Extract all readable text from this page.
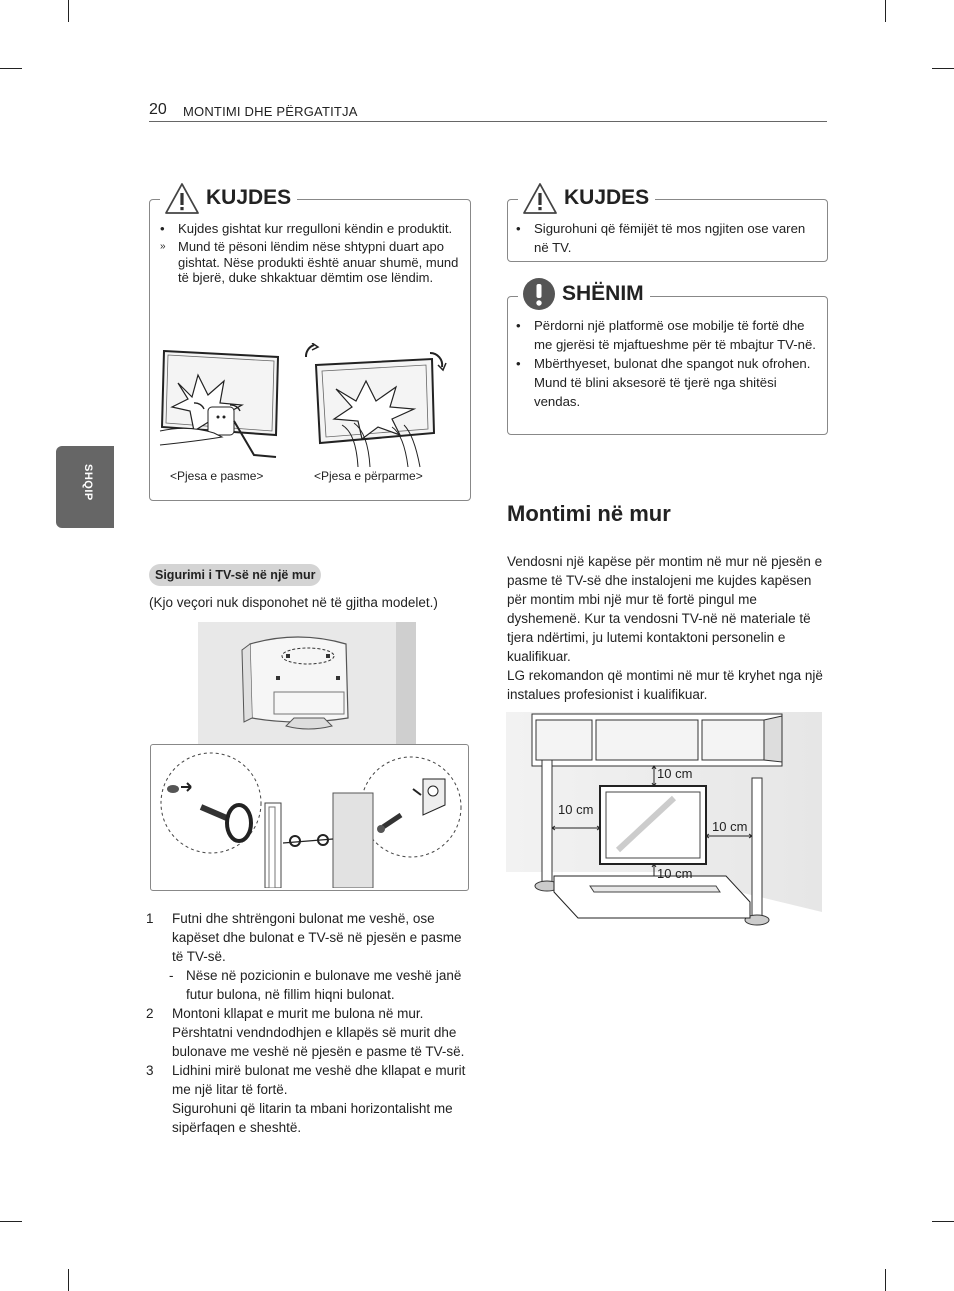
20 MONTIMI DHE PËRGATITJA
SHQIP
KUJDES
• Kujdes gishtat kur rregulloni këndin e produktit.
» Mund të pësoni lëndim nëse shtypni duart apo gishtat. Nëse produkti është anuar shumë, mund të bjerë, duke shkaktuar dëmtim ose lëndim.
<Pjesa e pasme>	<Pjesa e përparme>
KUJDES
• Sigurohuni që fëmijët të mos ngjiten ose varen në TV.
SHËNIM
• Përdorni një platformë ose mobilje të fortë dhe me gjerësi të mjaftueshme për të mbajtur TV-në.
• Mbërthyeset, bulonat dhe spangot nuk ofrohen. Mund të blini aksesorë të tjerë nga shitësi vendas.
Sigurimi i TV-së në një mur
(Kjo veçori nuk disponohet në të gjitha modelet.)
1 Futni dhe shtrëngoni bulonat me veshë, ose kapëset dhe bulonat e TV-së në pjesën e pasme të TV-së.
- Nëse në pozicionin e bulonave me veshë janë futur bulona, në fillim hiqni bulonat.
2 Montoni kllapat e murit me bulona në mur. Përshtatni vendndodhjen e kllapës së murit dhe bulonave me veshë në pjesën e pasme të TV-së.
3 Lidhini mirë bulonat me veshë dhe kllapat e murit me një litar të fortë.
Sigurohuni që litarin ta mbani horizontalisht me sipërfaqen e sheshtë.
Montimi në mur
Vendosni një kapëse për montim në mur në pjesën e pasme të TV-së dhe instalojeni me kujdes kapësen për montim mbi një mur të fortë pingul me dyshemenë. Kur ta vendosni TV-në në materiale të tjera ndërtimi, ju lutemi kontaktoni personelin e kualifikuar.
LG rekomandon që montimi në mur të kryhet nga një instalues profesionist i kualifikuar.
10 cm
10 cm
10 cm
10 cm
